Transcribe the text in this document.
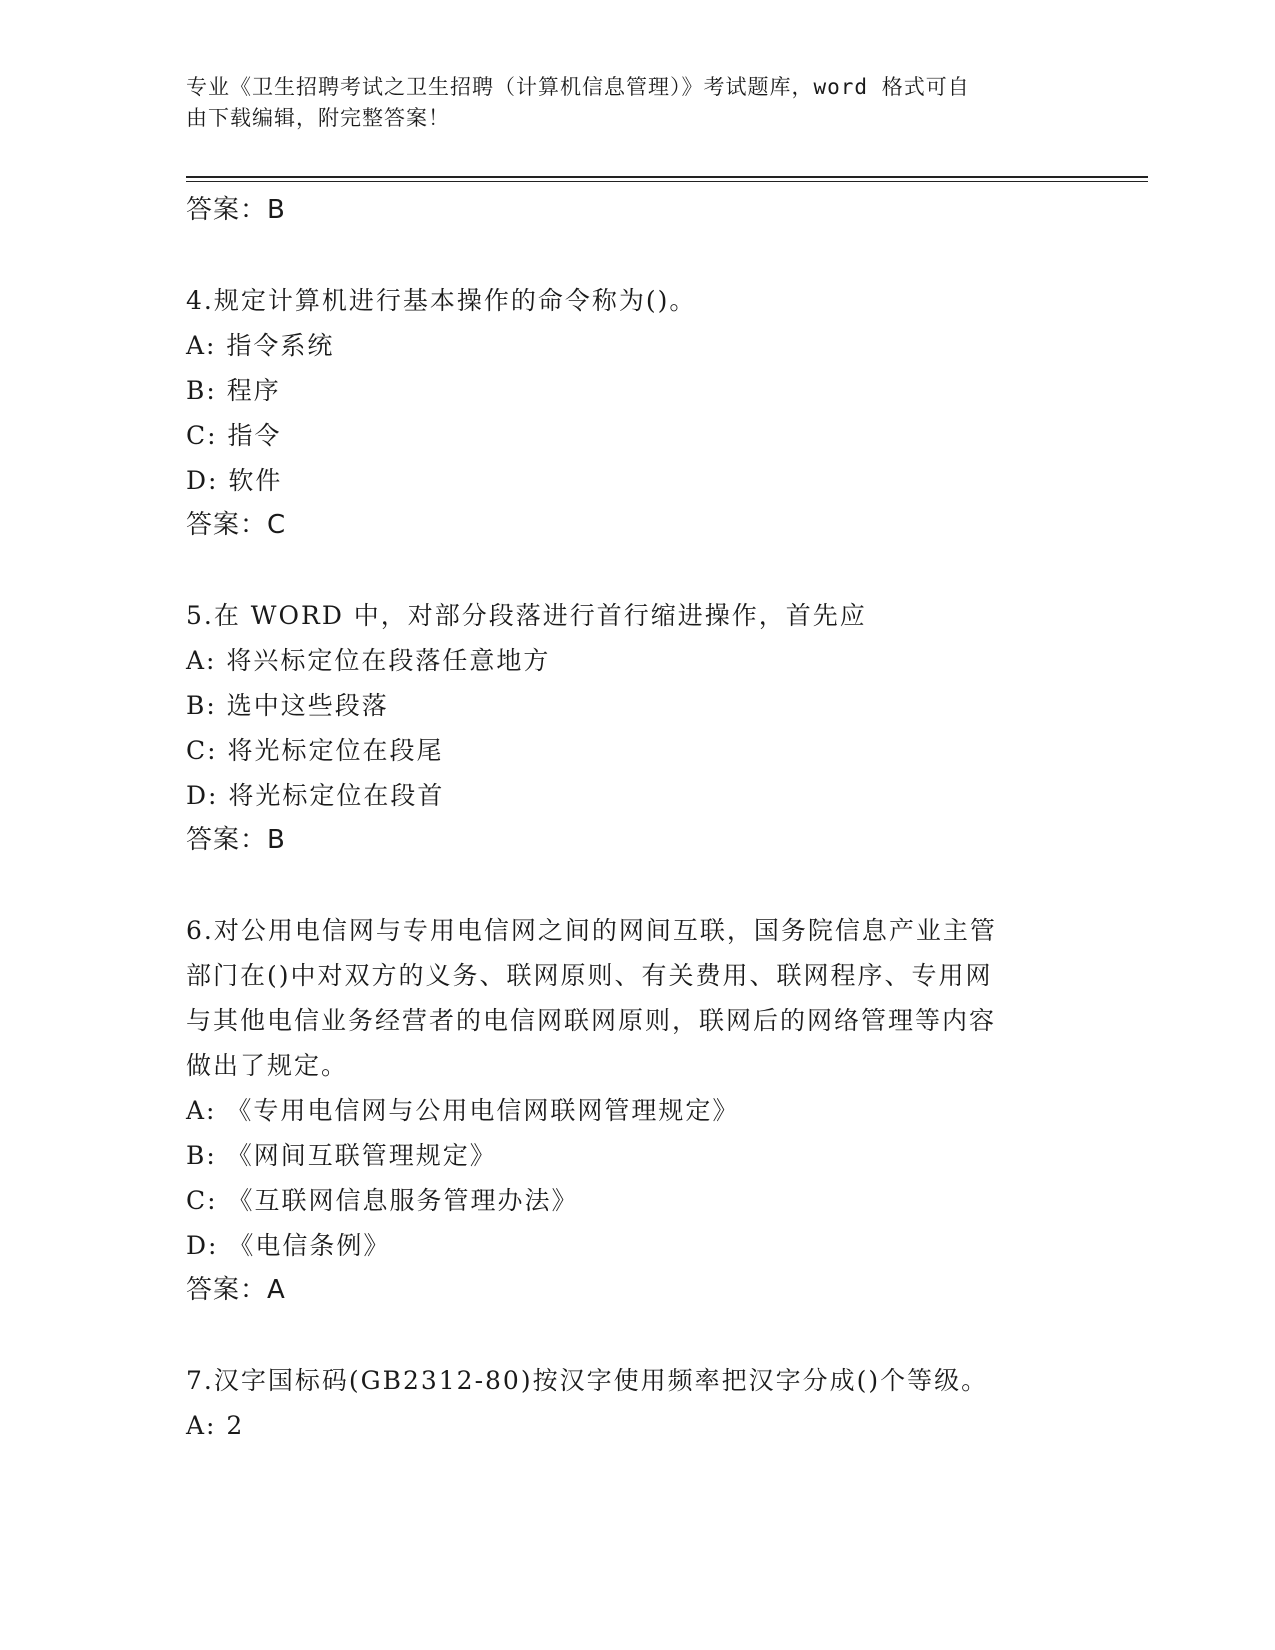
专业《卫生招聘考试之卫生招聘（计算机信息管理）》考试题库，word 格式可自
由下载编辑，附完整答案！
答案：B
4.规定计算机进行基本操作的命令称为()。
A: 指令系统
B: 程序
C: 指令
D: 软件
答案：C
5.在 WORD 中，对部分段落进行首行缩进操作，首先应
A: 将兴标定位在段落任意地方
B: 选中这些段落
C: 将光标定位在段尾
D: 将光标定位在段首
答案：B
6.对公用电信网与专用电信网之间的网间互联，国务院信息产业主管
部门在()中对双方的义务、联网原则、有关费用、联网程序、专用网
与其他电信业务经营者的电信网联网原则，联网后的网络管理等内容
做出了规定。
A: 《专用电信网与公用电信网联网管理规定》
B: 《网间互联管理规定》
C: 《互联网信息服务管理办法》
D: 《电信条例》
答案：A
7.汉字国标码(GB2312-80)按汉字使用频率把汉字分成()个等级。
A: 2
